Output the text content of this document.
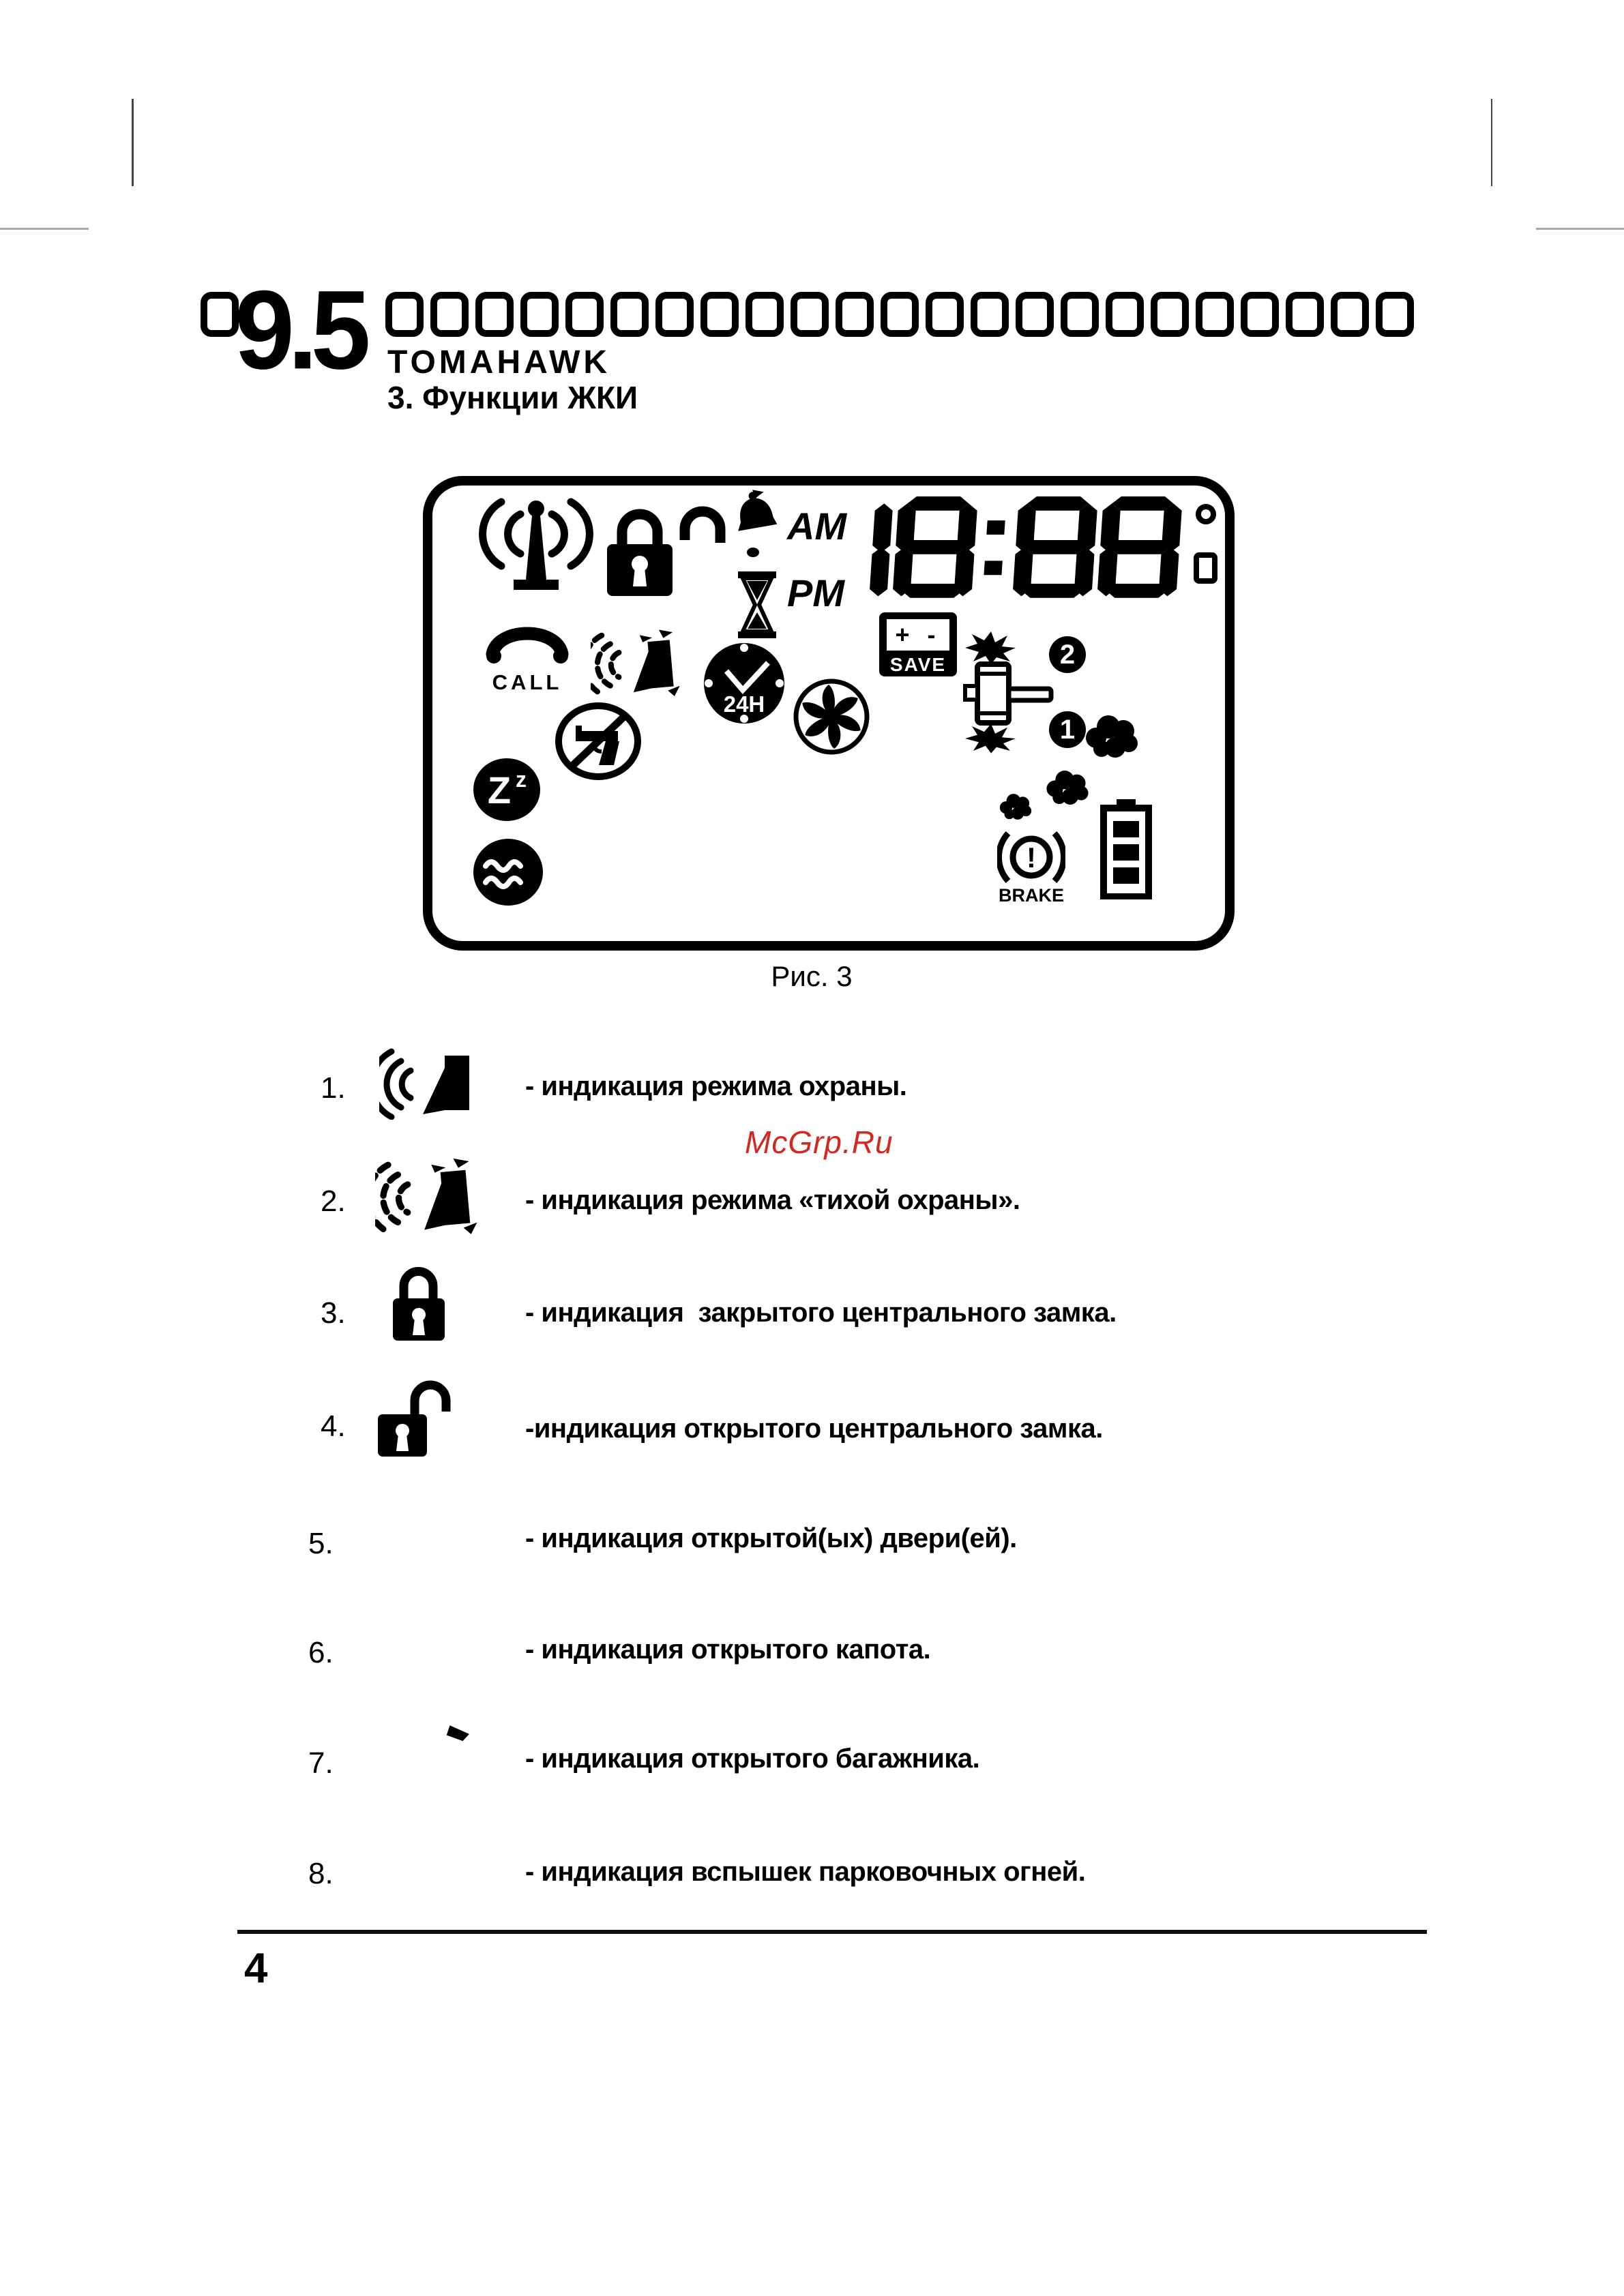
9.5 TOMAHAWK
3. Функции ЖКИ
AM
PM
CALL
24H
+ -
SAVE	2
1
!
BRAKE
Z z
Рис. 3
1.	- индикация режима охраны.
McGrp.Ru
2.	- индикация режима «тихой охраны».
3.	- индикация  закрытого центрального замка.
4.	-индикация открытого центрального замка.
5.	- индикация открытой(ых) двери(ей).
6.	- индикация открытого капота.
7.	- индикация открытого багажника.
8.	- индикация вспышек парковочных огней.
4
